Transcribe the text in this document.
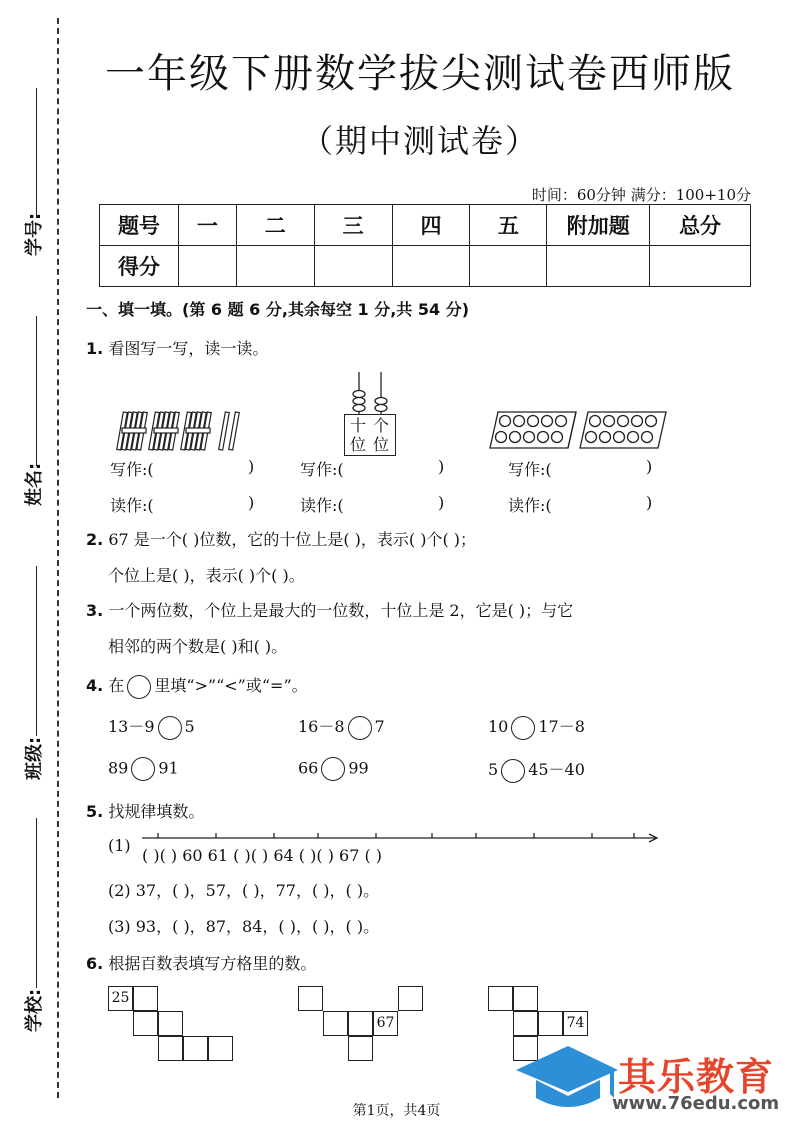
学号:
姓名:
班级:
学校:
一年级下册数学拔尖测试卷西师版
（期中测试卷）
时间：60分钟 满分：100+10分
题号	一	二	三	四	五	附加题	总分
得分							
一、填一填。(第 6 题 6 分,其余每空 1 分,共 54 分)
1. 看图写一写，读一读。
十 个
位 位
写作:(	)	写作:(	)	写作:(	)
读作:(	)	读作:(	)	读作:(	)
2. 67 是一个( )位数，它的十位上是( )，表示( )个( )；
个位上是( )，表示( )个( )。
3. 一个两位数，个位上是最大的一位数，十位上是 2，它是( )；与它
相邻的两个数是( )和( )。
4. 在 里填“>”“<”或“=”。
13－9 5	16－8 7	10 17－8
89 91	66 99	5 45－40
5. 找规律填数。
(1)
( )( ) 60 61 ( )( ) 64 ( )( ) 67 ( )
(2) 37，( )，57，( )，77，( )，( )。
(3) 93，( )，87，84，( )，( )，( )。
6. 根据百数表填写方格里的数。
25
67	74
其乐教育
www.76edu.com
第1页，共4页
